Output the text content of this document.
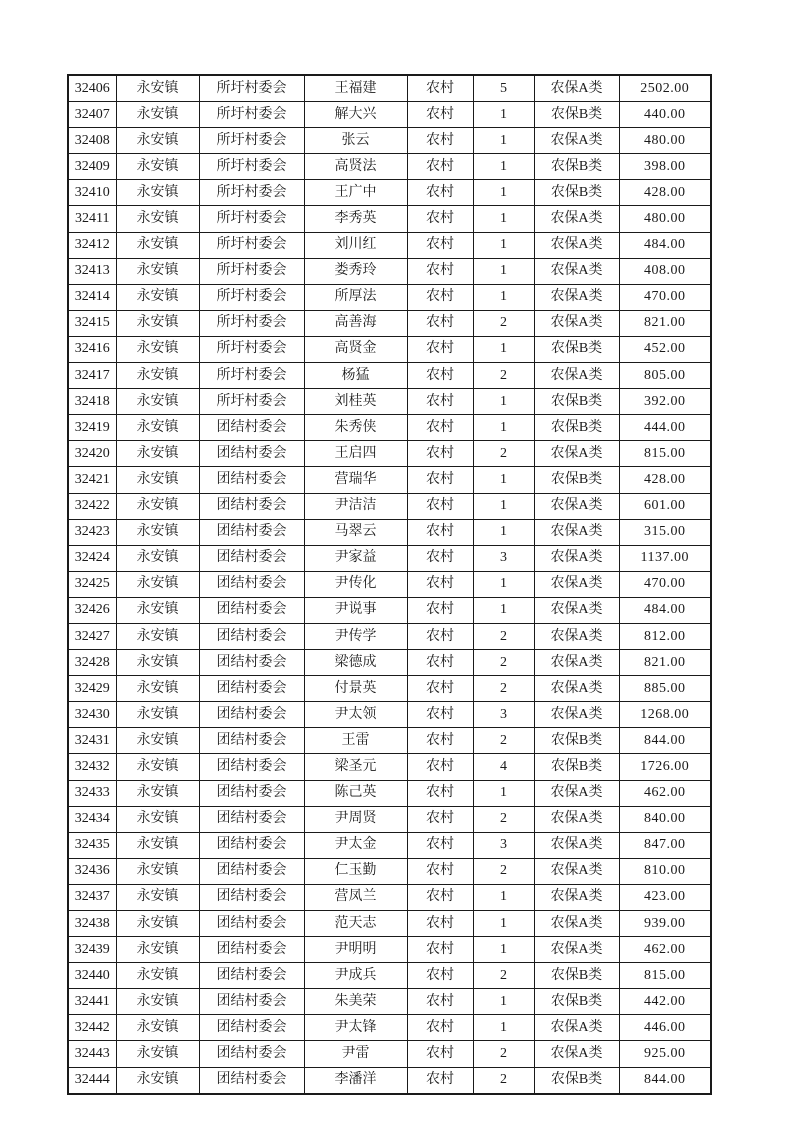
32406	永安镇	所圩村委会	王福建	农村	5	农保A类	2502.00
32407	永安镇	所圩村委会	解大兴	农村	1	农保B类	440.00
32408	永安镇	所圩村委会	张云	农村	1	农保A类	480.00
32409	永安镇	所圩村委会	高贤法	农村	1	农保B类	398.00
32410	永安镇	所圩村委会	王广中	农村	1	农保B类	428.00
32411	永安镇	所圩村委会	李秀英	农村	1	农保A类	480.00
32412	永安镇	所圩村委会	刘川红	农村	1	农保A类	484.00
32413	永安镇	所圩村委会	娄秀玲	农村	1	农保A类	408.00
32414	永安镇	所圩村委会	所厚法	农村	1	农保A类	470.00
32415	永安镇	所圩村委会	高善海	农村	2	农保A类	821.00
32416	永安镇	所圩村委会	高贤金	农村	1	农保B类	452.00
32417	永安镇	所圩村委会	杨猛	农村	2	农保A类	805.00
32418	永安镇	所圩村委会	刘桂英	农村	1	农保B类	392.00
32419	永安镇	团结村委会	朱秀侠	农村	1	农保B类	444.00
32420	永安镇	团结村委会	王启四	农村	2	农保A类	815.00
32421	永安镇	团结村委会	营瑞华	农村	1	农保B类	428.00
32422	永安镇	团结村委会	尹洁洁	农村	1	农保A类	601.00
32423	永安镇	团结村委会	马翠云	农村	1	农保A类	315.00
32424	永安镇	团结村委会	尹家益	农村	3	农保A类	1137.00
32425	永安镇	团结村委会	尹传化	农村	1	农保A类	470.00
32426	永安镇	团结村委会	尹说事	农村	1	农保A类	484.00
32427	永安镇	团结村委会	尹传学	农村	2	农保A类	812.00
32428	永安镇	团结村委会	梁德成	农村	2	农保A类	821.00
32429	永安镇	团结村委会	付景英	农村	2	农保A类	885.00
32430	永安镇	团结村委会	尹太领	农村	3	农保A类	1268.00
32431	永安镇	团结村委会	王雷	农村	2	农保B类	844.00
32432	永安镇	团结村委会	梁圣元	农村	4	农保B类	1726.00
32433	永安镇	团结村委会	陈己英	农村	1	农保A类	462.00
32434	永安镇	团结村委会	尹周贤	农村	2	农保A类	840.00
32435	永安镇	团结村委会	尹太金	农村	3	农保A类	847.00
32436	永安镇	团结村委会	仁玉勤	农村	2	农保A类	810.00
32437	永安镇	团结村委会	营凤兰	农村	1	农保A类	423.00
32438	永安镇	团结村委会	范天志	农村	1	农保A类	939.00
32439	永安镇	团结村委会	尹明明	农村	1	农保A类	462.00
32440	永安镇	团结村委会	尹成兵	农村	2	农保B类	815.00
32441	永安镇	团结村委会	朱美荣	农村	1	农保B类	442.00
32442	永安镇	团结村委会	尹太锋	农村	1	农保A类	446.00
32443	永安镇	团结村委会	尹雷	农村	2	农保A类	925.00
32444	永安镇	团结村委会	李潘洋	农村	2	农保B类	844.00
